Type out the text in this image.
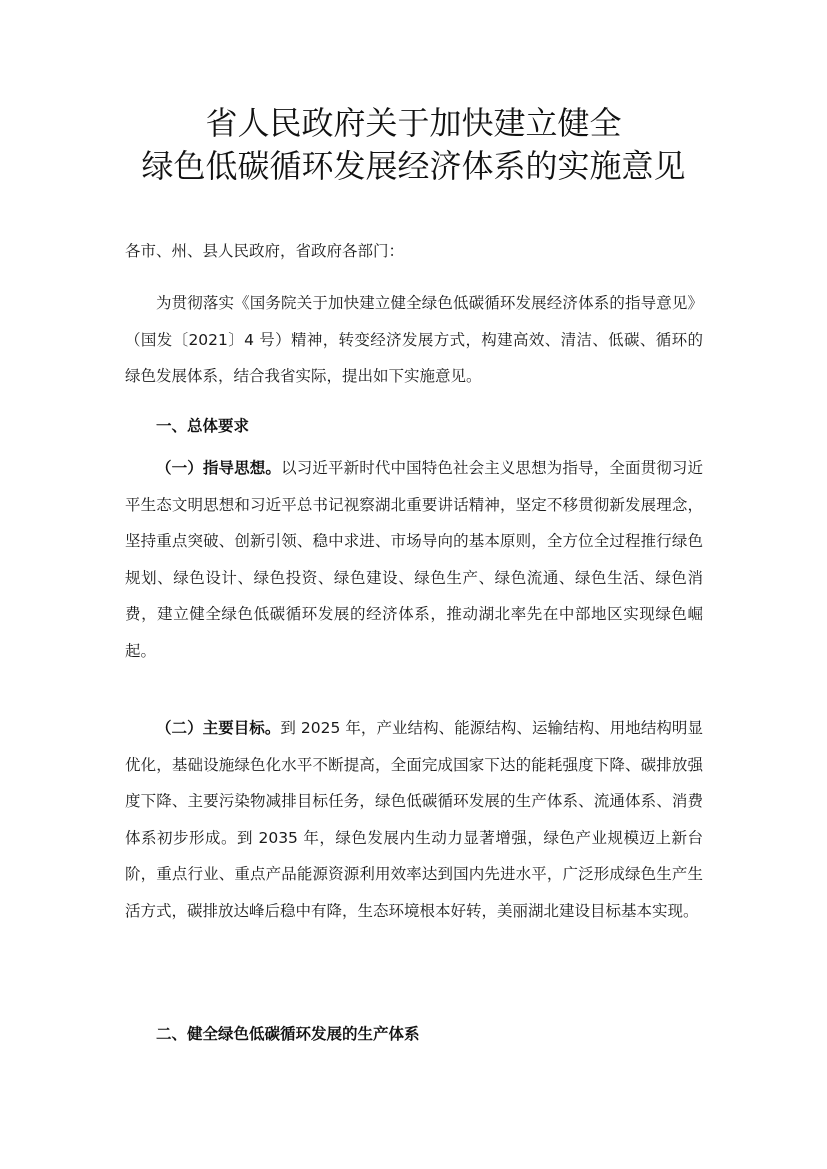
省人民政府关于加快建立健全
绿色低碳循环发展经济体系的实施意见

各市、州、县人民政府，省政府各部门：

为贯彻落实《国务院关于加快建立健全绿色低碳循环发展经济体系的指导意见》（国发〔2021〕4 号）精神，转变经济发展方式，构建高效、清洁、低碳、循环的绿色发展体系，结合我省实际，提出如下实施意见。

一、总体要求

（一）指导思想。以习近平新时代中国特色社会主义思想为指导，全面贯彻习近平生态文明思想和习近平总书记视察湖北重要讲话精神，坚定不移贯彻新发展理念，坚持重点突破、创新引领、稳中求进、市场导向的基本原则，全方位全过程推行绿色规划、绿色设计、绿色投资、绿色建设、绿色生产、绿色流通、绿色生活、绿色消费，建立健全绿色低碳循环发展的经济体系，推动湖北率先在中部地区实现绿色崛起。

（二）主要目标。到 2025 年，产业结构、能源结构、运输结构、用地结构明显优化，基础设施绿色化水平不断提高，全面完成国家下达的能耗强度下降、碳排放强度下降、主要污染物减排目标任务，绿色低碳循环发展的生产体系、流通体系、消费体系初步形成。到 2035 年，绿色发展内生动力显著增强，绿色产业规模迈上新台阶，重点行业、重点产品能源资源利用效率达到国内先进水平，广泛形成绿色生产生活方式，碳排放达峰后稳中有降，生态环境根本好转，美丽湖北建设目标基本实现。

二、健全绿色低碳循环发展的生产体系
